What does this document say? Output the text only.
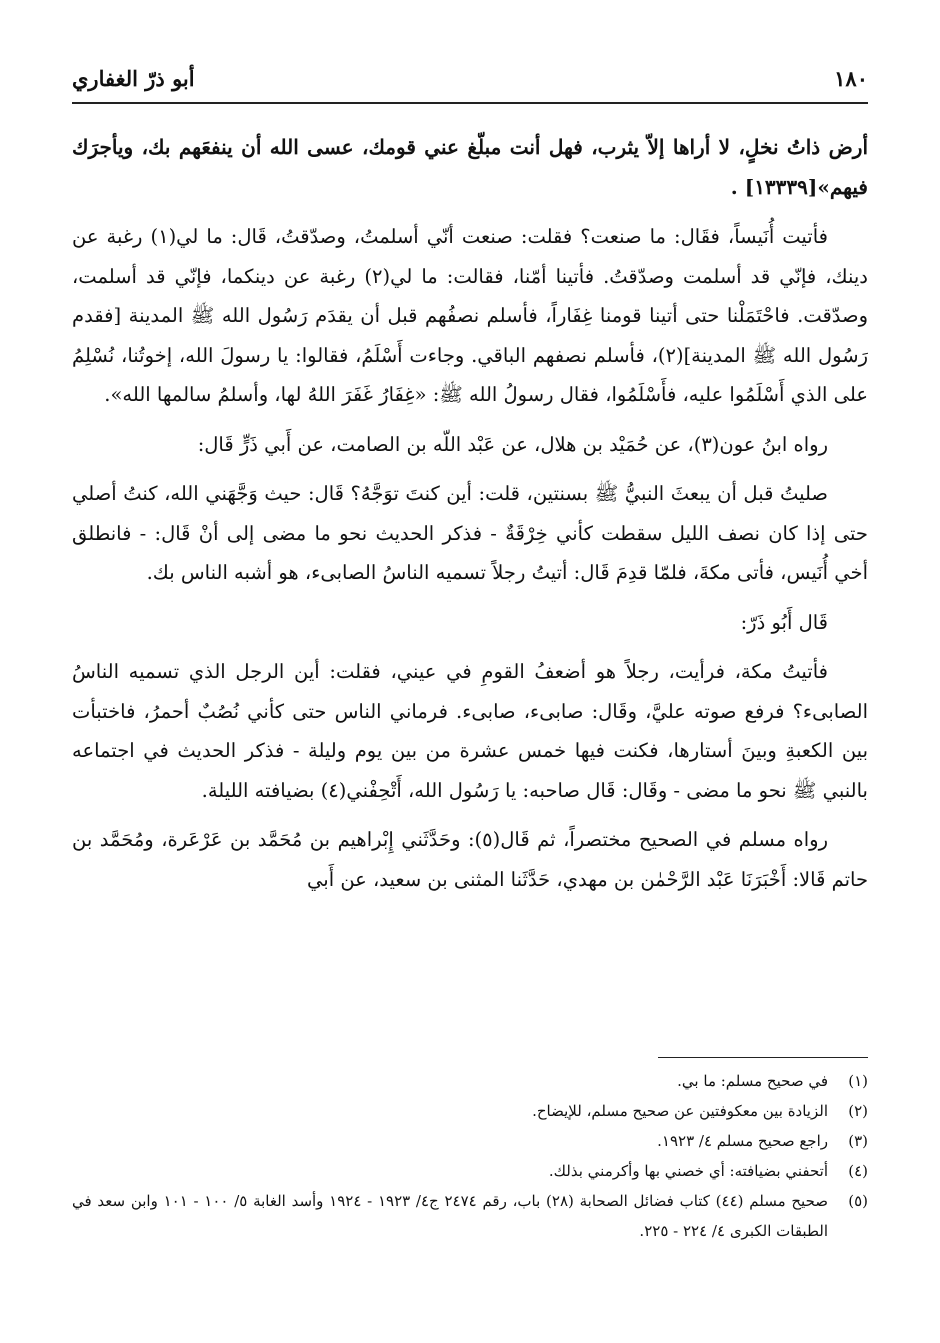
١٨٠
أبو ذرّ الغفاري

أرض ذاتُ نخلٍ، لا أراها إلاّ يثرب، فهل أنت مبلّغ عني قومك، عسى الله أن ينفعَهم بك، ويأجرَك فيهم»[١٣٣٣٩] .

فأتيت أُنَيساً، فقَال: ما صنعت؟ فقلت: صنعت أنّي أسلمتُ، وصدّقتُ، قَال: ما لي(١) رغبة عن دينك، فإنّي قد أسلمت وصدّقتُ. فأتينا أمّنا، فقالت: ما لي(٢) رغبة عن دينكما، فإنّي قد أسلمت، وصدّقت. فاحْتَمَلْنا حتى أتينا قومنا غِفَاراً، فأسلم نصفُهم قبل أن يقدَم رَسُول الله ﷺ المدينة [فقدم رَسُول الله ﷺ المدينة](٢)، فأسلم نصفهم الباقي. وجاءت أَسْلَمُ، فقالوا: يا رسولَ الله، إخوتُنا، نُسْلِمُ على الذي أَسْلَمُوا عليه، فأَسْلَمُوا، فقال رسولُ الله ﷺ: «غِفَارُ غَفَرَ اللهُ لها، وأسلمُ سالمها الله».

رواه ابنُ عون(٣)، عن حُمَيْد بن هلال، عن عَبْد اللّه بن الصامت، عن أَبي ذَرٍّ قَال:

صليتُ قبل أن يبعثَ النبيُّ ﷺ بسنتين، قلت: أين كنتَ توَجَّهُ؟ قَال: حيث وَجَّهَني الله، كنتُ أصلي حتى إذا كان نصف الليل سقطت كأني خِرْقَةٌ - فذكر الحديث نحو ما مضى إلى أنْ قَال: - فانطلق أخي أُنَيس، فأتى مكةَ، فلمّا قدِمَ قَال: أتيتُ رجلاً تسميه الناسُ الصابىء، هو أشبه الناس بك.

قَال أَبُو ذَرّ:

فأتيتُ مكة، فرأيت، رجلاً هو أضعفُ القومِ في عيني، فقلت: أين الرجل الذي تسميه الناسُ الصابىء؟ فرفع صوته عليَّ، وقَال: صابىء، صابىء. فرماني الناس حتى كأني نُصُبٌ أحمرُ، فاختبأت بين الكعبةِ وبينَ أستارها، فكنت فيها خمس عشرة من بين يوم وليلة - فذكر الحديث في اجتماعه بالنبي ﷺ نحو ما مضى - وقَال: قَال صاحبه: يا رَسُول الله، أَتْحِفْني(٤) بضيافته الليلة.

رواه مسلم في الصحيح مختصراً، ثم قَال(٥): وحَدَّثَني إِبْراهيم بن مُحَمَّد بن عَرْعَرة، ومُحَمَّد بن حاتم قَالا: أَخْبَرَنَا عَبْد الرَّحْمٰن بن مهدي، حَدَّثَنا المثنى بن سعيد، عن أَبي

(١)
في صحيح مسلم: ما بي.
(٢)
الزيادة بين معكوفتين عن صحيح مسلم، للإيضاح.
(٣)
راجع صحيح مسلم ٤/ ١٩٢٣.
(٤)
أتحفني بضيافته: أي خصني بها وأكرمني بذلك.
(٥)
صحيح مسلم (٤٤) كتاب فضائل الصحابة (٢٨) باب، رقم ٢٤٧٤ ج٤/ ١٩٢٣ - ١٩٢٤ وأسد الغابة ٥/ ١٠٠ - ١٠١ وابن سعد في الطبقات الكبرى ٤/ ٢٢٤ - ٢٢٥.
